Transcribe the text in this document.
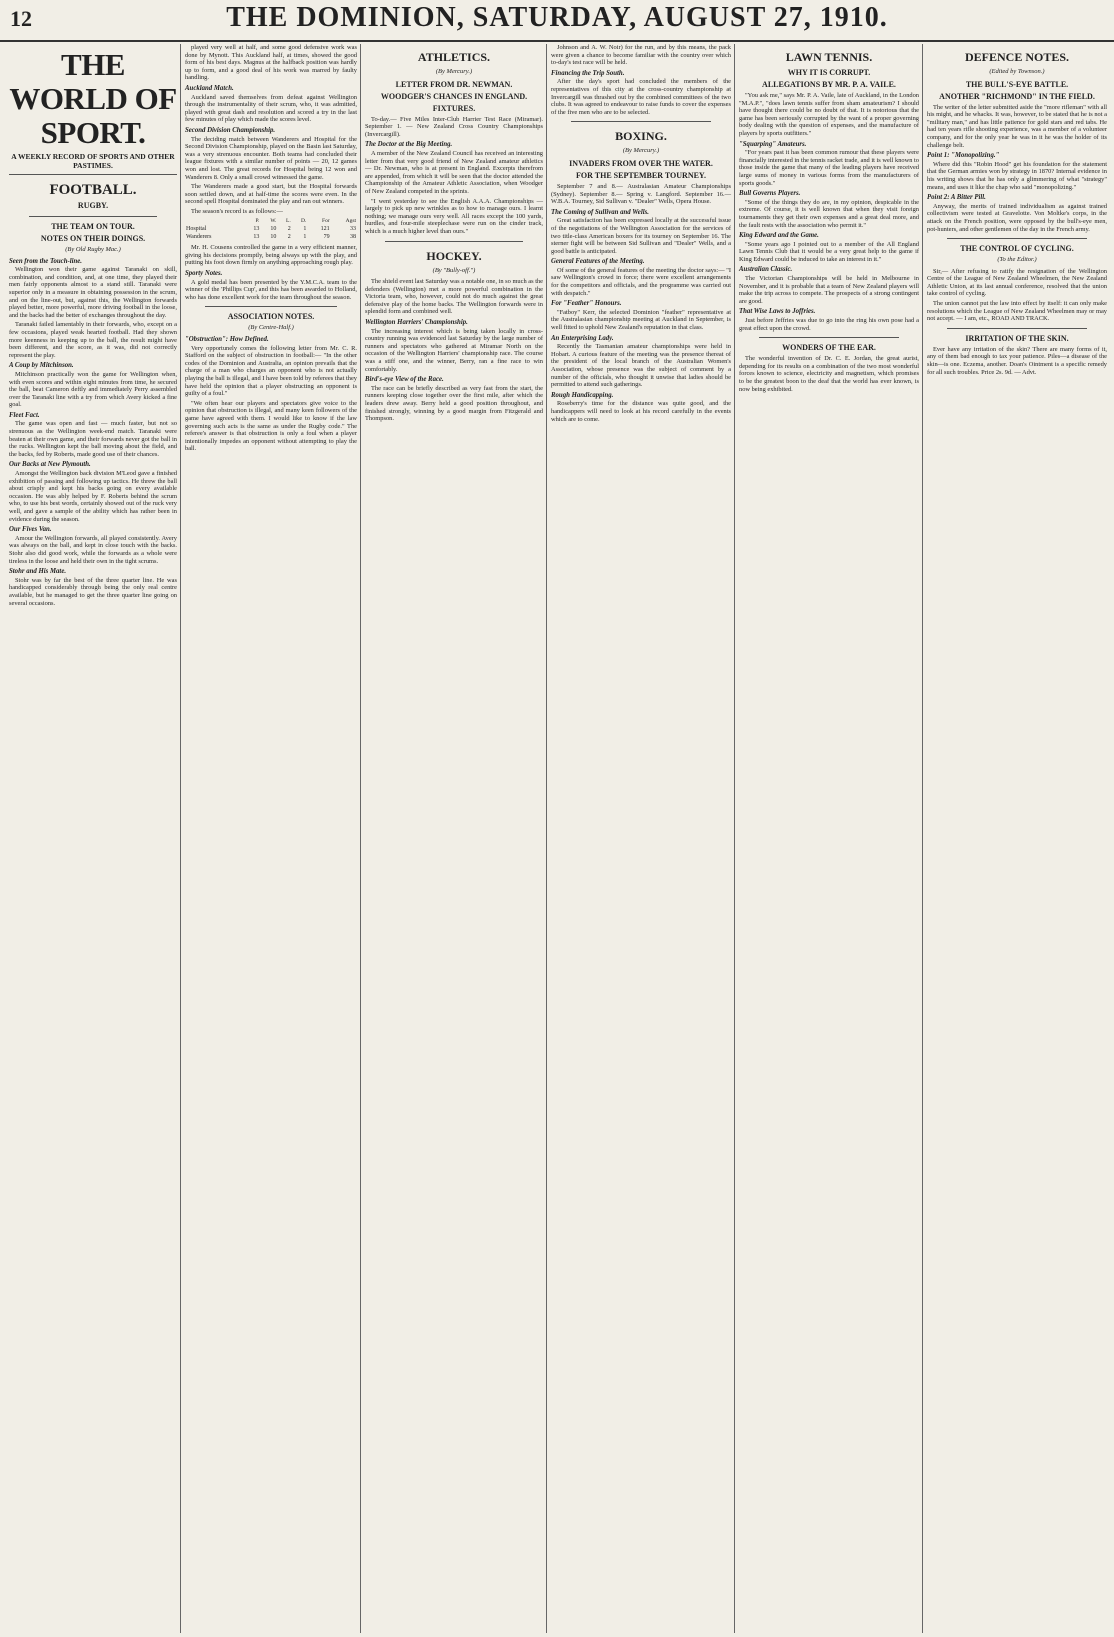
12	THE DOMINION, SATURDAY, AUGUST 27, 1910.
THE WORLD OF SPORT.
A WEEKLY RECORD OF SPORTS AND OTHER PASTIMES.
FOOTBALL.
RUGBY.
THE TEAM ON TOUR.
NOTES ON THEIR DOINGS.
(By Old Rugby Mac.)
Seen from the Touch-line.

Wellington won their game against Taranaki on skill, combination, and condition, and, at one time, they played their men fairly opponents almost to a stand still. Taranaki were superior only in a measure in obtaining possession in the scrum, and on the line-out, but, against this, the Wellington forwards played better, more powerful, more driving football in the loose, and the backs had the better of exchanges throughout the day.

Taranaki failed lamentably in their forwards, who, except on a few occasions, played weak hearted football. Had they shown more keenness in keeping up to the ball, the result might have been different, and the score, as it was, did not correctly represent the play.

A Coup by Mitchinson.

Mitchinson practically won the game for Wellington when, with even scores and within eight minutes from time, he secured the ball, beat Cameron deftly and immediately Perry assembled over the Taranaki line with a try from which Avery kicked a fine goal.

Fleet Fact.

The game was open and fast — much faster, but not so strenuous as the Wellington week-end match. Taranaki were beaten at their own game, and their forwards never got the ball in the rucks. Wellington kept the ball moving about the field, and the backs, fed by Roberts, made good use of their chances.

Our Backs at New Plymouth.

Amongst the Wellington back division M'Leod gave a finished exhibition of passing and following up tactics. He threw the ball about crisply and kept his backs going on every available occasion. He was ably helped by F. Roberts behind the scrum who, to use his best words, certainly showed out of the ruck very well, and gave a sample of the ability which has rather been in evidence during the season.

Our Fives Van.

Amour the Wellington forwards, all played consistently. Avery was always on the ball, and kept in close touch with the backs. Stohr also did good work, while the forwards as a whole were tireless in the loose and held their own in the tight scrums.

Stohr and His Mate.

Stohr was by far the best of the three quarter line. He was handicapped considerably through being the only real centre available, but he managed to get the three quarter line going on several occasions.

played very well at half, and some good defensive work was done by Mynott. This Auckland half, at times, showed the good form of his best days. Magnus at the halfback position was hardly up to form, and a good deal of his work was marred by faulty handling.

Auckland Match.

Auckland saved themselves from defeat against Wellington through the instrumentality of their scrum, who, it was admitted, played with great dash and resolution and scored a try in the last few minutes of play which made the scores level.

Second Division Championship.

The deciding match between Wanderers and Hospital for the Second Division Championship, played on the Basin last Saturday, was a very strenuous encounter. Both teams had concluded their league fixtures with a similar number of points — 20, 12 games won and lost. The great records for Hospital being 12 won and Wanderers 8. Only a small crowd witnessed the game.

The Wanderers made a good start, but the Hospital forwards soon settled down, and at half-time the scores were even. In the second spell Hospital dominated the play and ran out winners.

The season's record is as follows:—

	P.	W.	L.	D.	For	Agst
Hospital	13	10	2	1	121	33
Wanderers	13	10	2	1	79	38

Mr. H. Cousens controlled the game in a very efficient manner, giving his decisions promptly, being always up with the play, and putting his foot down firmly on anything approaching rough play.

Sporty Notes.

A gold medal has been presented by the Y.M.C.A. team to the winner of the 'Phillips Cup', and this has been awarded to Holland, who has done excellent work for the team throughout the season.

ASSOCIATION NOTES.
(By Centre-Half.)
"Obstruction": How Defined.

Very opportunely comes the following letter from Mr. C. R. Stafford on the subject of obstruction in football:— "In the other codes of the Dominion and Australia, an opinion prevails that the charge of a man who charges an opponent who is not actually playing the ball is illegal, and I have been told by referees that they have held the opinion that a player obstructing an opponent is guilty of a foul."

"We often hear our players and spectators give voice to the opinion that obstruction is illegal, and many keen followers of the game have agreed with them. I would like to know if the law governing such acts is the same as under the Rugby code." The referee's answer is that obstruction is only a foul when a player intentionally impedes an opponent without attempting to play the ball.

ATHLETICS.
(By Mercury.)
LETTER FROM DR. NEWMAN.
WOODGER'S CHANCES IN ENGLAND.
FIXTURES.

To-day.— Five Miles Inter-Club Harrier Test Race (Miramar). September 1. — New Zealand Cross Country Championships (Invercargill).

The Doctor at the Big Meeting.

A member of the New Zealand Council has received an interesting letter from that very good friend of New Zealand amateur athletics — Dr. Newman, who is at present in England. Excerpts therefrom are appended, from which it will be seen that the doctor attended the Championship of the Amateur Athletic Association, when Woodger of New Zealand competed in the sprints.

"I went yesterday to see the English A.A.A. Championships — largely to pick up new wrinkles as to how to manage ours. I learnt nothing; we manage ours very well. All races except the 100 yards, hurdles, and four-mile steeplechase were run on the cinder track, which is a much higher level than ours."

HOCKEY.
(By "Bully-off.")

The shield event last Saturday was a notable one, in so much as the defenders (Wellington) met a more powerful combination in the Victoria team, who, however, could not do much against the great defensive play of the home backs. The Wellington forwards were in splendid form and combined well.

Wellington Harriers' Championship.

The increasing interest which is being taken locally in cross-country running was evidenced last Saturday by the large number of runners and spectators who gathered at Miramar North on the occasion of the Wellington Harriers' championship race. The course was a stiff one, and the winner, Berry, ran a fine race to win comfortably.

Bird's-eye View of the Race.

The race can be briefly described as very fast from the start, the runners keeping close together over the first mile, after which the leaders drew away. Berry held a good position throughout, and finished strongly, winning by a good margin from Fitzgerald and Thompson.

Johnson and A. W. Noir) for the run, and by this means, the pack were given a chance to become familiar with the country over which to-day's test race will be held.

Financing the Trip South.

After the day's sport had concluded the members of the representatives of this city at the cross-country championship at Invercargill was thrashed out by the combined committees of the two clubs. It was agreed to endeavour to raise funds to cover the expenses of the five men who are to be selected.

BOXING.
(By Mercury.)
INVADERS FROM OVER THE WATER.
FOR THE SEPTEMBER TOURNEY.

September 7 and 8.— Australasian Amateur Championships (Sydney). September 8.— Spring v. Langford. September 16.— W.B.A. Tourney, Sid Sullivan v. "Dealer" Wells, Opera House.

The Coming of Sullivan and Wells.

Great satisfaction has been expressed locally at the successful issue of the negotiations of the Wellington Association for the services of two title-class American boxers for its tourney on September 16. The sterner fight will be between Sid Sullivan and "Dealer" Wells, and a good battle is anticipated.

General Features of the Meeting.

Of some of the general features of the meeting the doctor says:— "I saw Wellington's crowd in force; there were excellent arrangements for the competitors and officials, and the programme was carried out with despatch."

For "Feather" Honours.

"Fatboy" Kerr, the selected Dominion "feather" representative at the Australasian championship meeting at Auckland in September, is well fitted to uphold New Zealand's reputation in that class.

An Enterprising Lady.

Recently the Tasmanian amateur championships were held in Hobart. A curious feature of the meeting was the presence thereat of the president of the local branch of the Australian Women's Association, whose presence was the subject of comment by a number of the officials, who thought it unwise that ladies should be permitted to attend such gatherings.

Rough Handicapping.

Roseberry's time for the distance was quite good, and the handicappers will need to look at his record carefully in the events which are to come.

LAWN TENNIS.
WHY IT IS CORRUPT.
ALLEGATIONS BY MR. P. A. VAILE.

"You ask me," says Mr. P. A. Vaile, late of Auckland, in the London "M.A.P.", "does lawn tennis suffer from sham amateurism? I should have thought there could be no doubt of that. It is notorious that the game has been seriously corrupted by the want of a proper governing body dealing with the question of expenses, and the manufacture of players by sports outfitters."

"Squarping" Amateurs.

"For years past it has been common rumour that these players were financially interested in the tennis racket trade, and it is well known to those inside the game that many of the leading players have received large sums of money in various forms from the manufacturers of sports goods."

Bull Governs Players.

"Some of the things they do are, in my opinion, despicable in the extreme. Of course, it is well known that when they visit foreign tournaments they get their own expenses and a great deal more, and the fault rests with the association who permit it."

King Edward and the Game.

"Some years ago I pointed out to a member of the All England Lawn Tennis Club that it would be a very great help to the game if King Edward could be induced to take an interest in it."

Australian Classic.

The Victorian Championships will be held in Melbourne in November, and it is probable that a team of New Zealand players will make the trip across to compete. The prospects of a strong contingent are good.

That Wise Laws to Joffries.

Just before Jeffries was due to go into the ring his own pose had a great effect upon the crowd.

WONDERS OF THE EAR.

The wonderful invention of Dr. C. E. Jordan, the great aurist, depending for its results on a combination of the two most wonderful forces known to science, electricity and magnetism, which promises to be the greatest boon to the deaf that the world has ever known, is now being exhibited.

DEFENCE NOTES.
(Edited by Townson.)
THE BULL'S-EYE BATTLE.
ANOTHER "RICHMOND" IN THE FIELD.

The writer of the letter submitted aside the "more rifleman" with all his might, and he whacks. It was, however, to be stated that he is not a "military man," and has little patience for gold stars and red tabs. He had ten years rifle shooting experience, was a member of a volunteer company, and for the only year he was in it he was the holder of its challenge belt.

Point 1: "Monopolizing."

Where did this "Robin Hood" get his foundation for the statement that the German armies won by strategy in 1870? Internal evidence in his writing shows that he has only a glimmering of what "strategy" means, and uses it like the chap who said "monopolizing."

Point 2: A Bitter Pill.

Anyway, the merits of trained individualism as against trained collectivism were tested at Gravelotte. Von Moltke's corps, in the attack on the French position, were opposed by the bull's-eye men, pot-hunters, and other gentlemen of the day in the French army.

THE CONTROL OF CYCLING.
(To the Editor.)

Sir,— After refusing to ratify the resignation of the Wellington Centre of the League of New Zealand Wheelmen, the New Zealand Athletic Union, at its last annual conference, resolved that the union take control of cycling.

The union cannot put the law into effect by itself: it can only make resolutions which the League of New Zealand Wheelmen may or may not accept. — I am, etc., ROAD AND TRACK.

IRRITATION OF THE SKIN.

Ever have any irritation of the skin? There are many forms of it, any of them bad enough to tax your patience. Piles—a disease of the skin—is one. Eczema, another. Doan's Ointment is a specific remedy for all such troubles. Price 2s. 9d. — Advt.
